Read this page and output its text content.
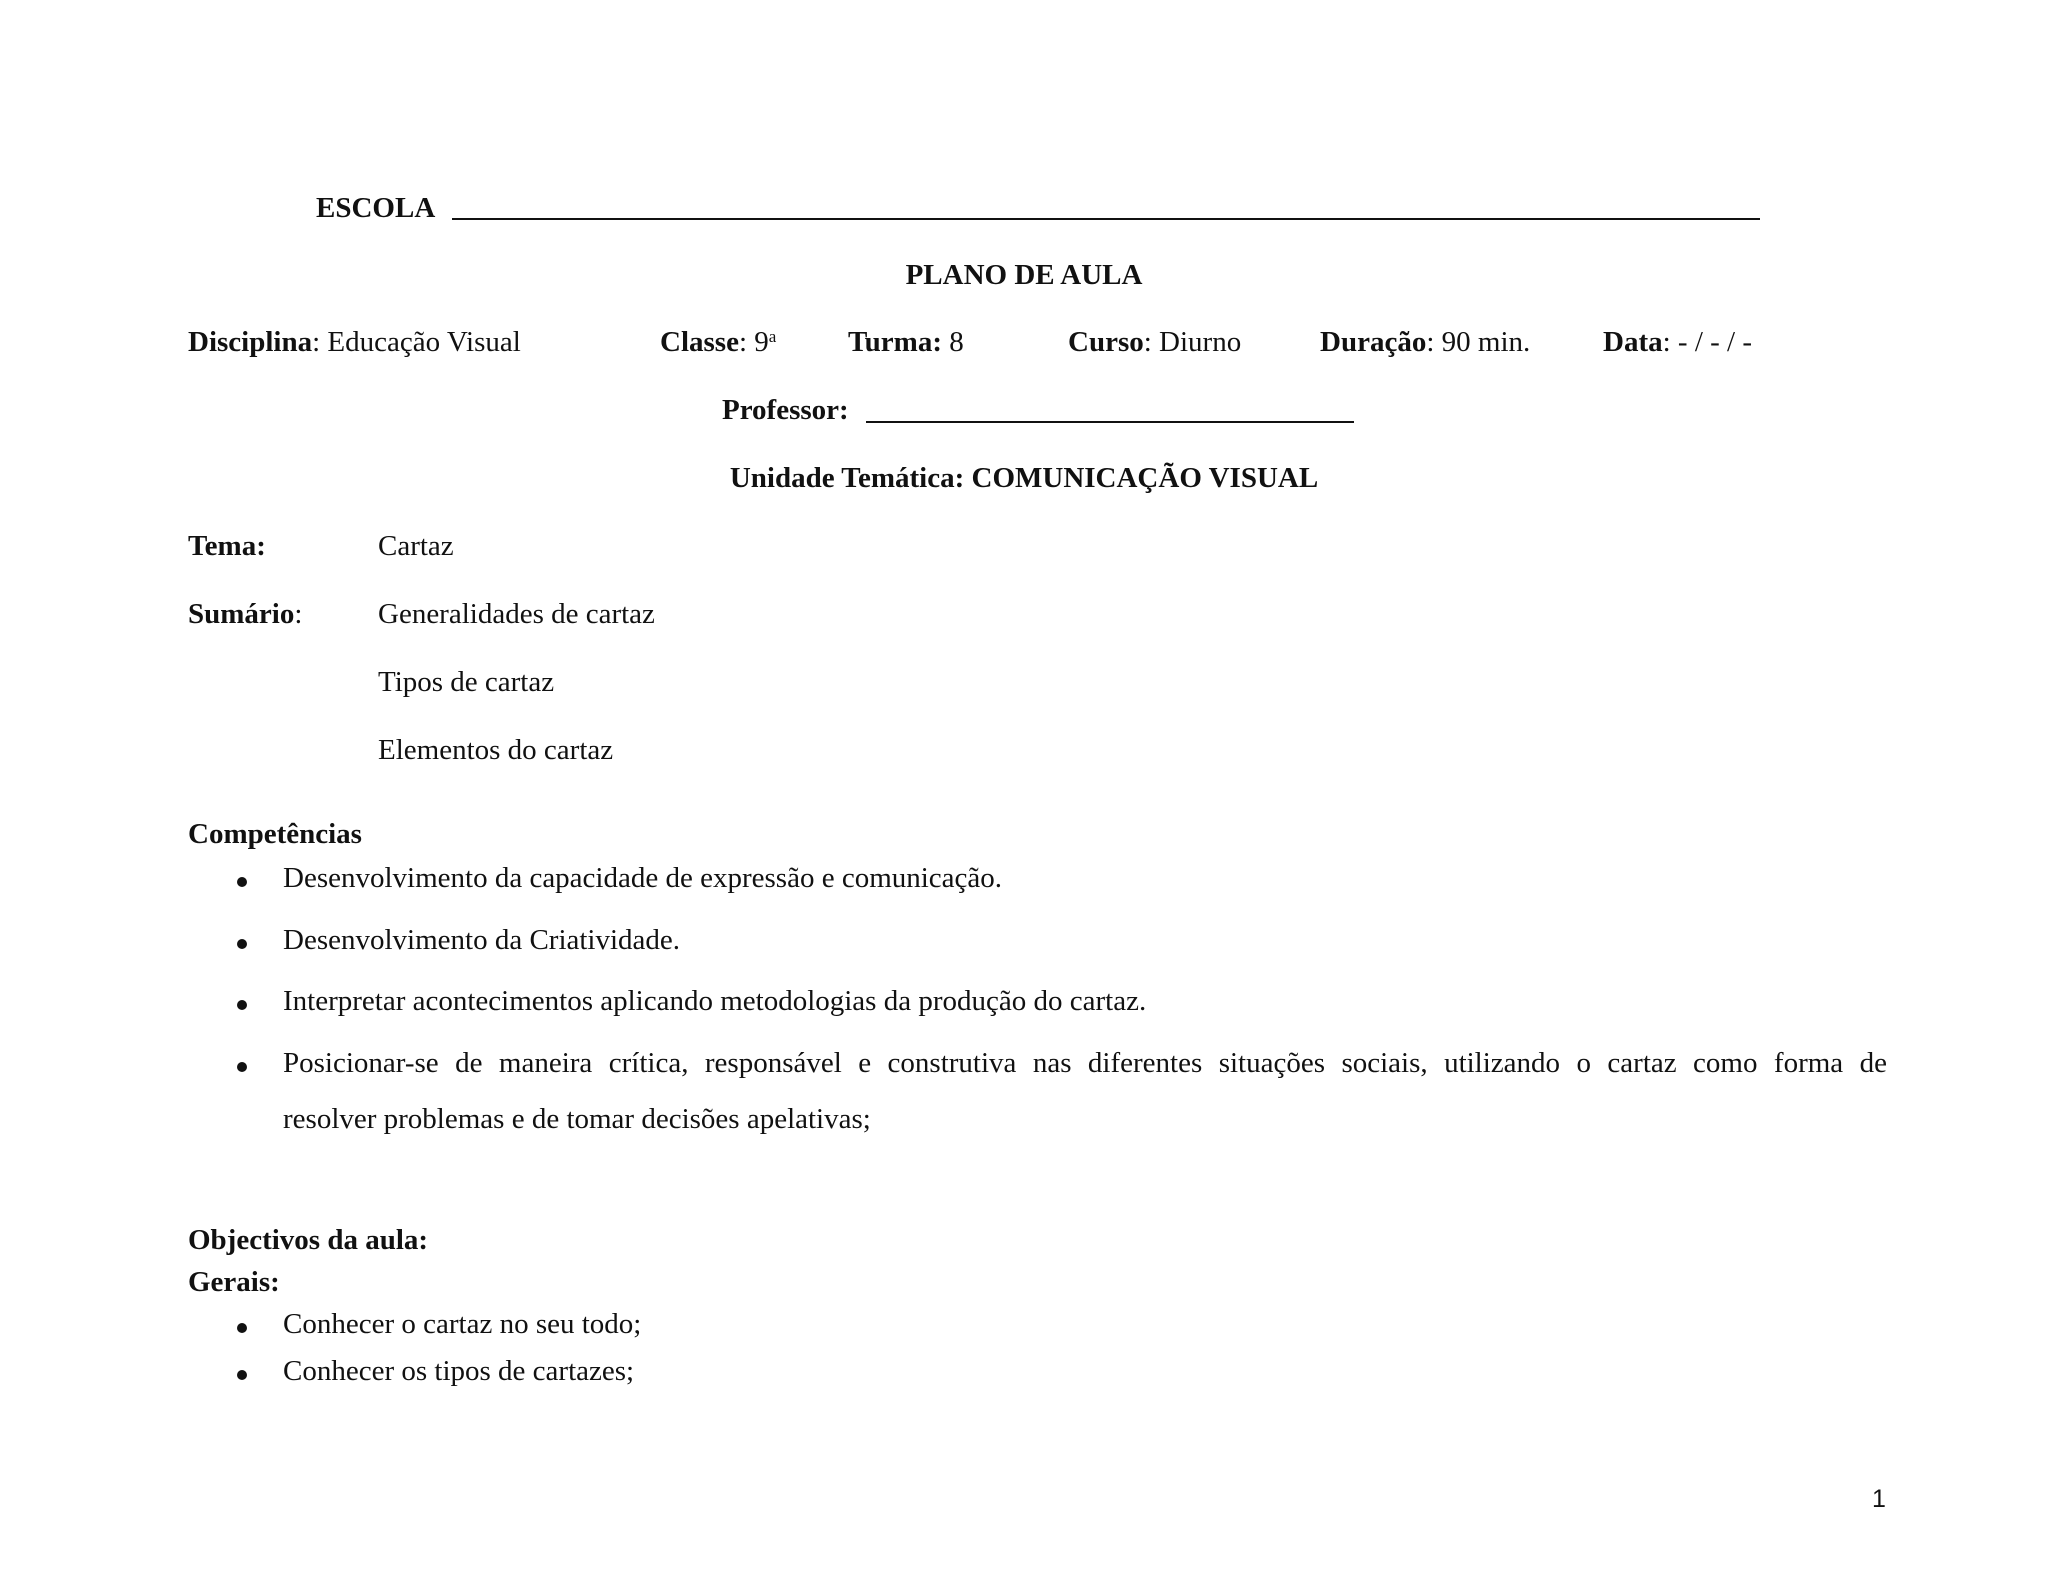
ESCOLA
PLANO DE AULA
Disciplina: Educação Visual	Classe: 9$^a$ Turma: 8	Curso: Diurno	Duração: 90 min.	Data: - / - / -
Professor:
Unidade Temática: COMUNICAÇÃO VISUAL
Tema:	Cartaz
Sumário:	Generalidades de cartaz
Tipos de cartaz
Elementos do cartaz
Competências
Desenvolvimento da capacidade de expressão e comunicação.
Desenvolvimento da Criatividade.
Interpretar acontecimentos aplicando metodologias da produção do cartaz.
Posicionar-se de maneira crítica, responsável e construtiva nas diferentes situações sociais, utilizando o cartaz como forma de
resolver problemas e de tomar decisões apelativas;
Objectivos da aula:
Gerais:
Conhecer o cartaz no seu todo;
Conhecer os tipos de cartazes;
1
